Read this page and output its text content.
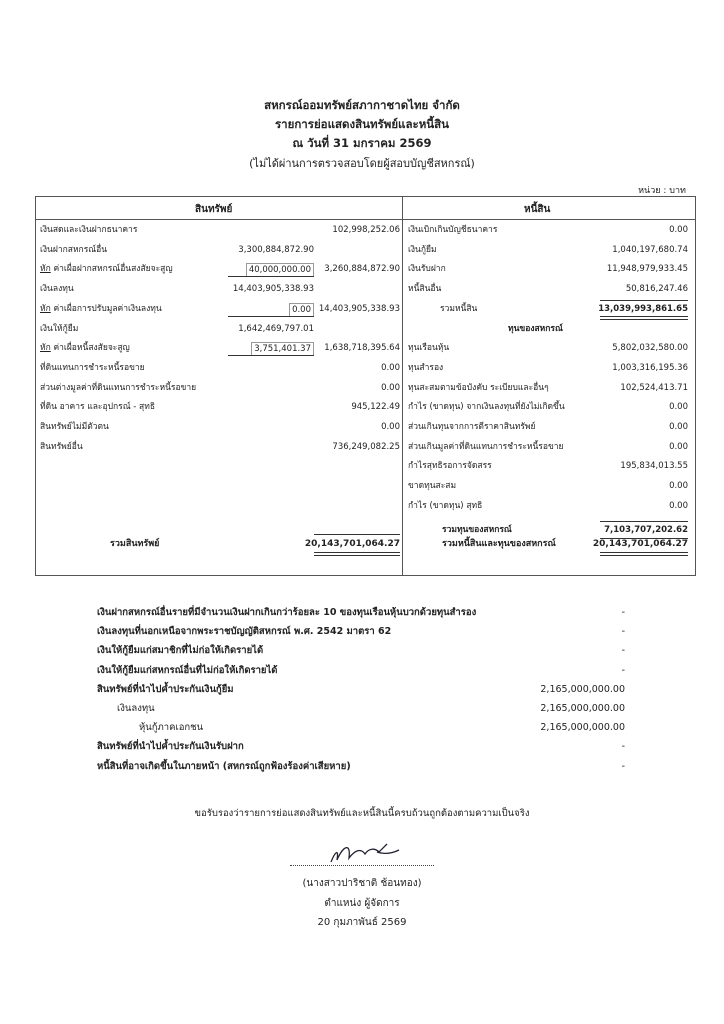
สหกรณ์ออมทรัพย์สภากาชาดไทย จำกัด
รายการย่อแสดงสินทรัพย์และหนี้สิน
ณ วันที่ 31 มกราคม 2569
(ไม่ได้ผ่านการตรวจสอบโดยผู้สอบบัญชีสหกรณ์)
หน่วย : บาท
สินทรัพย์	หนี้สิน
เงินสดและเงินฝากธนาคาร	102,998,252.06
เงินฝากสหกรณ์อื่น	3,300,884,872.90
หัก ค่าเผื่อฝากสหกรณ์อื่นสงสัยจะสูญ	40,000,000.00	3,260,884,872.90
เงินลงทุน	14,403,905,338.93
หัก ค่าเผื่อการปรับมูลค่าเงินลงทุน	0.00 14,403,905,338.93
เงินให้กู้ยืม	1,642,469,797.01
หัก ค่าเผื่อหนี้สงสัยจะสูญ	3,751,401.37	1,638,718,395.64
ที่ดินแทนการชำระหนี้รอขาย	0.00
ส่วนต่างมูลค่าที่ดินแทนการชำระหนี้รอขาย	0.00
ที่ดิน อาคาร และอุปกรณ์ - สุทธิ	945,122.49
สินทรัพย์ไม่มีตัวตน	0.00
สินทรัพย์อื่น	736,249,082.25
รวมสินทรัพย์	20,143,701,064.27
เงินเบิกเกินบัญชีธนาคาร	0.00
เงินกู้ยืม	1,040,197,680.74
เงินรับฝาก	11,948,979,933.45
หนี้สินอื่น	50,816,247.46
รวมหนี้สิน	13,039,993,861.65
ทุนของสหกรณ์
ทุนเรือนหุ้น	5,802,032,580.00
ทุนสำรอง	1,003,316,195.36
ทุนสะสมตามข้อบังคับ ระเบียบและอื่นๆ	102,524,413.71
กำไร (ขาดทุน) จากเงินลงทุนที่ยังไม่เกิดขึ้น	0.00
ส่วนเกินทุนจากการตีราคาสินทรัพย์	0.00
ส่วนเกินมูลค่าที่ดินแทนการชำระหนี้รอขาย	0.00
กำไรสุทธิรอการจัดสรร	195,834,013.55
ขาดทุนสะสม	0.00
กำไร (ขาดทุน) สุทธิ	0.00
รวมทุนของสหกรณ์	7,103,707,202.62
รวมหนี้สินและทุนของสหกรณ์	20,143,701,064.27
เงินฝากสหกรณ์อื่นรายที่มีจำนวนเงินฝากเกินกว่าร้อยละ 10 ของทุนเรือนหุ้นบวกด้วยทุนสำรอง	-
เงินลงทุนที่นอกเหนือจากพระราชบัญญัติสหกรณ์ พ.ศ. 2542 มาตรา 62	-
เงินให้กู้ยืมแก่สมาชิกที่ไม่ก่อให้เกิดรายได้	-
เงินให้กู้ยืมแก่สหกรณ์อื่นที่ไม่ก่อให้เกิดรายได้	-
สินทรัพย์ที่นำไปค้ำประกันเงินกู้ยืม	2,165,000,000.00
เงินลงทุน	2,165,000,000.00
หุ้นกู้ภาคเอกชน	2,165,000,000.00
สินทรัพย์ที่นำไปค้ำประกันเงินรับฝาก	-
หนี้สินที่อาจเกิดขึ้นในภายหน้า (สหกรณ์ถูกฟ้องร้องค่าเสียหาย)	-
ขอรับรองว่ารายการย่อแสดงสินทรัพย์และหนี้สินนี้ครบถ้วนถูกต้องตามความเป็นจริง
(นางสาวปาริชาติ ช้อนทอง)
ตำแหน่ง ผู้จัดการ
20 กุมภาพันธ์ 2569
